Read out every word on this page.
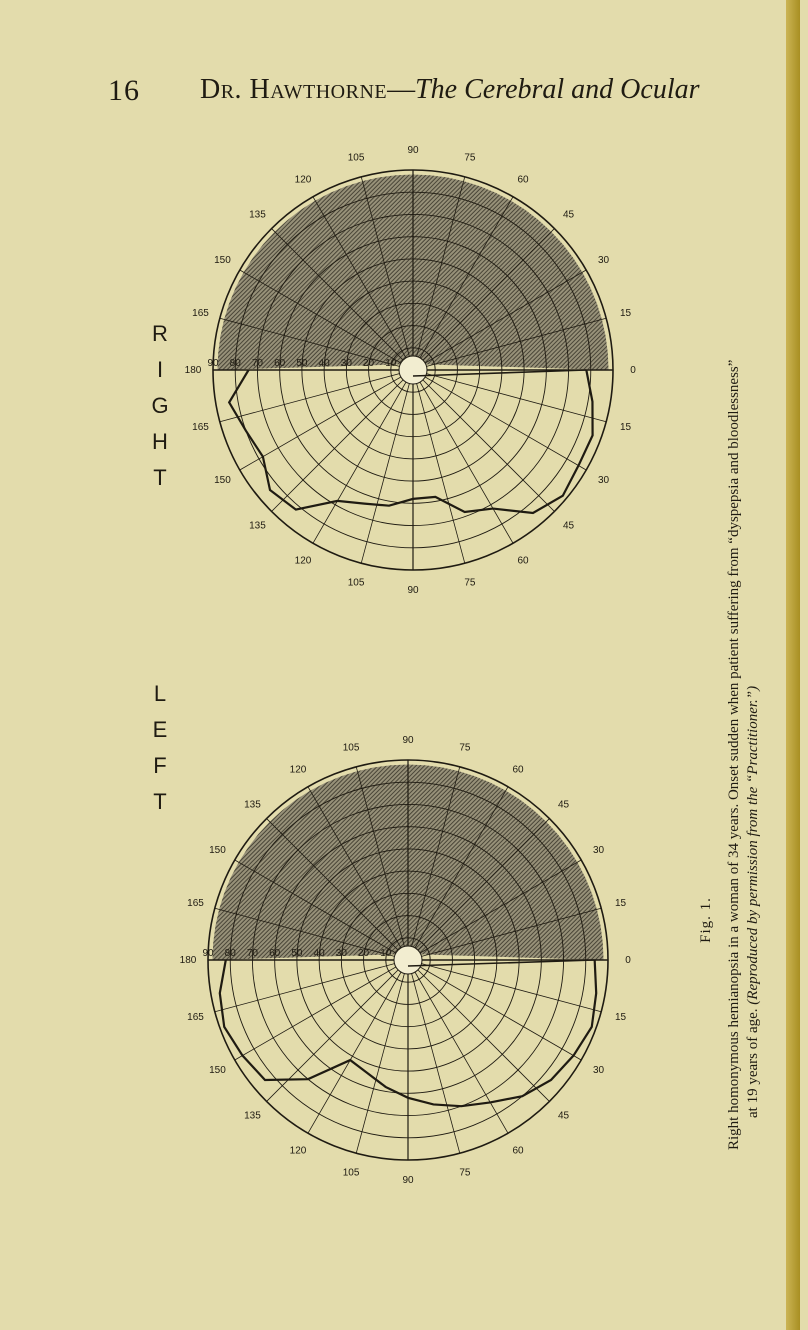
16 Dr. Hawthorne—The Cerebral and Ocular
R
I
G
H
T
L
E
F
T
0
15
30
45
60
75
90
105
120
135
150
165
180
165
150
135
120
105
90
75
60
45
30
15
10
20
30
40
50
60
70
80
90
0
15
30
45
60
75
90
105
120
135
150
165
180
165
150
135
120
105
90
75
60
45
30
15
10
20
30
40
50
60
70
80
90
Fig. 1. Right homonymous hemianopsia in a woman of 34 years. Onset sudden when patient suffering from “dyspepsia and bloodlessness” at 19 years of age. (Reproduced by permission from the “Practitioner.”)
